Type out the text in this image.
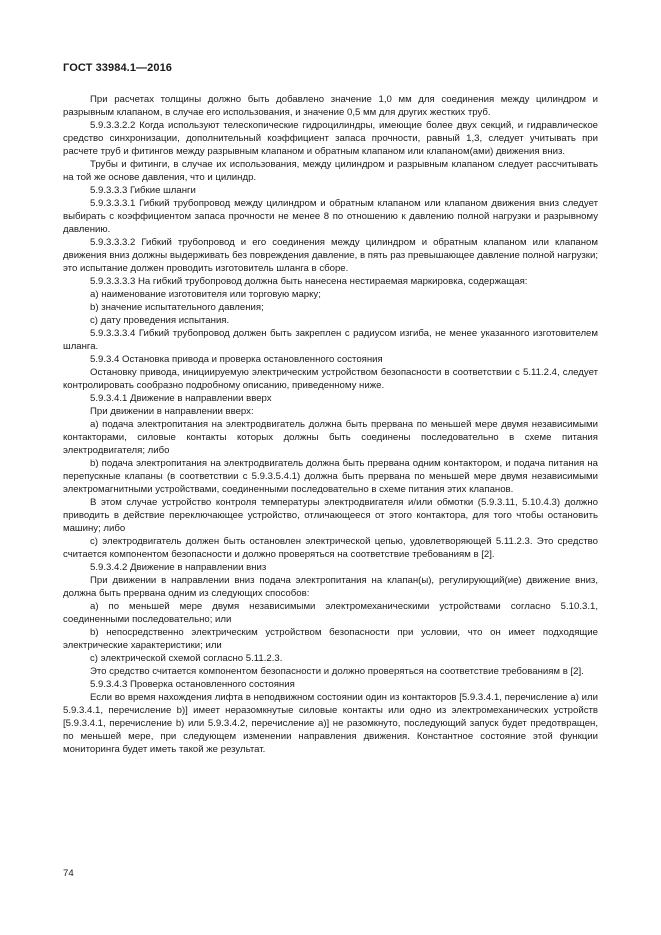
ГОСТ 33984.1—2016

При расчетах толщины должно быть добавлено значение 1,0 мм для соединения между цилиндром и разрывным клапаном, в случае его использования, и значение 0,5 мм для других жестких труб.

5.9.3.3.2.2 Когда используют телескопические гидроцилиндры, имеющие более двух секций, и гидравлическое средство синхронизации, дополнительный коэффициент запаса прочности, равный 1,3, следует учитывать при расчете труб и фитингов между разрывным клапаном и обратным клапаном или клапаном(ами) движения вниз.

Трубы и фитинги, в случае их использования, между цилиндром и разрывным клапаном следует рассчитывать на той же основе давления, что и цилиндр.

5.9.3.3.3 Гибкие шланги

5.9.3.3.3.1 Гибкий трубопровод между цилиндром и обратным клапаном или клапаном движения вниз следует выбирать с коэффициентом запаса прочности не менее 8 по отношению к давлению полной нагрузки и разрывному давлению.

5.9.3.3.3.2 Гибкий трубопровод и его соединения между цилиндром и обратным клапаном или клапаном движения вниз должны выдерживать без повреждения давление, в пять раз превышающее давление полной нагрузки; это испытание должен проводить изготовитель шланга в сборе.

5.9.3.3.3.3 На гибкий трубопровод должна быть нанесена нестираемая маркировка, содержащая:

а) наименование изготовителя или торговую марку;

b) значение испытательного давления;

c) дату проведения испытания.

5.9.3.3.3.4 Гибкий трубопровод должен быть закреплен с радиусом изгиба, не менее указанного изготовителем шланга.

5.9.3.4 Остановка привода и проверка остановленного состояния

Остановку привода, инициируемую электрическим устройством безопасности в соответствии с 5.11.2.4, следует контролировать сообразно подробному описанию, приведенному ниже.

5.9.3.4.1 Движение в направлении вверх

При движении в направлении вверх:

а) подача электропитания на электродвигатель должна быть прервана по меньшей мере двумя независимыми контакторами, силовые контакты которых должны быть соединены последовательно в схеме питания электродвигателя; либо

b) подача электропитания на электродвигатель должна быть прервана одним контактором, и подача питания на перепускные клапаны (в соответствии с 5.9.3.5.4.1) должна быть прервана по меньшей мере двумя независимыми электромагнитными устройствами, соединенными последовательно в схеме питания этих клапанов.

В этом случае устройство контроля температуры электродвигателя и/или обмотки (5.9.3.11, 5.10.4.3) должно приводить в действие переключающее устройство, отличающееся от этого контактора, для того чтобы остановить машину; либо

c) электродвигатель должен быть остановлен электрической цепью, удовлетворяющей 5.11.2.3. Это средство считается компонентом безопасности и должно проверяться на соответствие требованиям в [2].

5.9.3.4.2 Движение в направлении вниз

При движении в направлении вниз подача электропитания на клапан(ы), регулирующий(ие) движение вниз, должна быть прервана одним из следующих способов:

а) по меньшей мере двумя независимыми электромеханическими устройствами согласно 5.10.3.1, соединенными последовательно; или

b) непосредственно электрическим устройством безопасности при условии, что он имеет подходящие электрические характеристики; или

c) электрической схемой согласно 5.11.2.3.

Это средство считается компонентом безопасности и должно проверяться на соответствие требованиям в [2].

5.9.3.4.3 Проверка остановленного состояния

Если во время нахождения лифта в неподвижном состоянии один из контакторов [5.9.3.4.1, перечисление а) или 5.9.3.4.1, перечисление b)] имеет неразомкнутые силовые контакты или одно из электромеханических устройств [5.9.3.4.1, перечисление b) или 5.9.3.4.2, перечисление а)] не разомкнуто, последующий запуск будет предотвращен, по меньшей мере, при следующем изменении направления движения. Константное состояние этой функции мониторинга будет иметь такой же результат.

74
